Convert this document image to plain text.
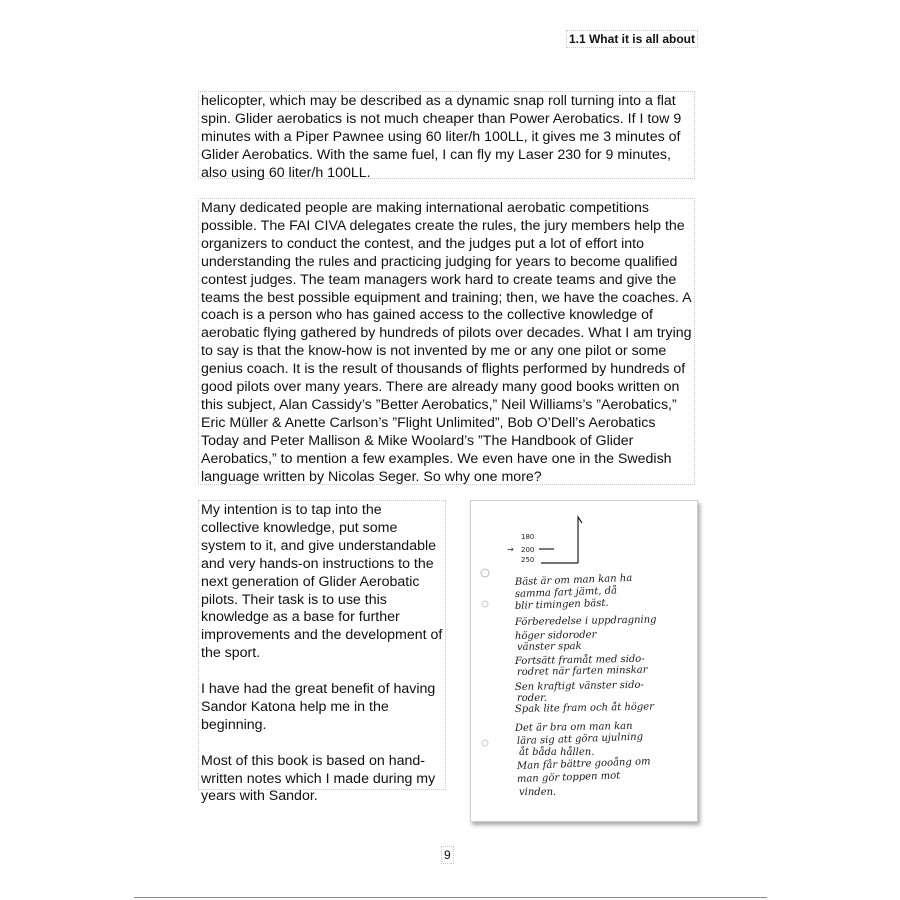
1.1 What it is all about

helicopter, which may be described as a dynamic snap roll turning into a flat spin. Glider aerobatics is not much cheaper than Power Aerobatics. If I tow 9 minutes with a Piper Pawnee using 60 liter/h 100LL, it gives me 3 minutes of Glider Aerobatics. With the same fuel, I can fly my Laser 230 for 9 minutes, also using 60 liter/h 100LL.

Many dedicated people are making international aerobatic competitions possible. The FAI CIVA delegates create the rules, the jury members help the organizers to conduct the contest, and the judges put a lot of effort into understanding the rules and practicing judging for years to become qualified contest judges. The team managers work hard to create teams and give the teams the best possible equipment and training; then, we have the coaches. A coach is a person who has gained access to the collective knowledge of aerobatic flying gathered by hundreds of pilots over decades. What I am trying to say is that the know-how is not invented by me or any one pilot or some genius coach. It is the result of thousands of flights performed by hundreds of good pilots over many years. There are already many good books written on this subject, Alan Cassidy’s ”Better Aerobatics,” Neil Williams’s ”Aerobatics,” Eric Müller & Anette Carlson’s ”Flight Unlimited”, Bob O’Dell’s Aerobatics Today and Peter Mallison & Mike Woolard’s ”The Handbook of Glider Aerobatics,” to mention a few examples. We even have one in the Swedish language written by Nicolas Seger. So why one more?

My intention is to tap into the collective knowledge, put some system to it, and give understandable and very hands-on instructions to the next generation of Glider Aerobatic pilots. Their task is to use this knowledge as a base for further improvements and the development of the sport.

I have had the great benefit of having Sandor Katona help me in the beginning.

Most of this book is based on hand-written notes which I made during my years with Sandor.

180
200
250
→
Bäst är om man kan ha
samma fart jämt, då
blir timingen bäst.
Förberedelse i uppdragning
höger sidoroder
vänster spak
Fortsätt framåt med sido-
rodret när farten minskar
Sen kraftigt vänster sido-
roder.
Spak lite fram och åt höger
Det är bra om man kan
lära sig att göra ujulning
åt båda hållen.
Man får bättre gooång om
man gör toppen mot
vinden.
9
